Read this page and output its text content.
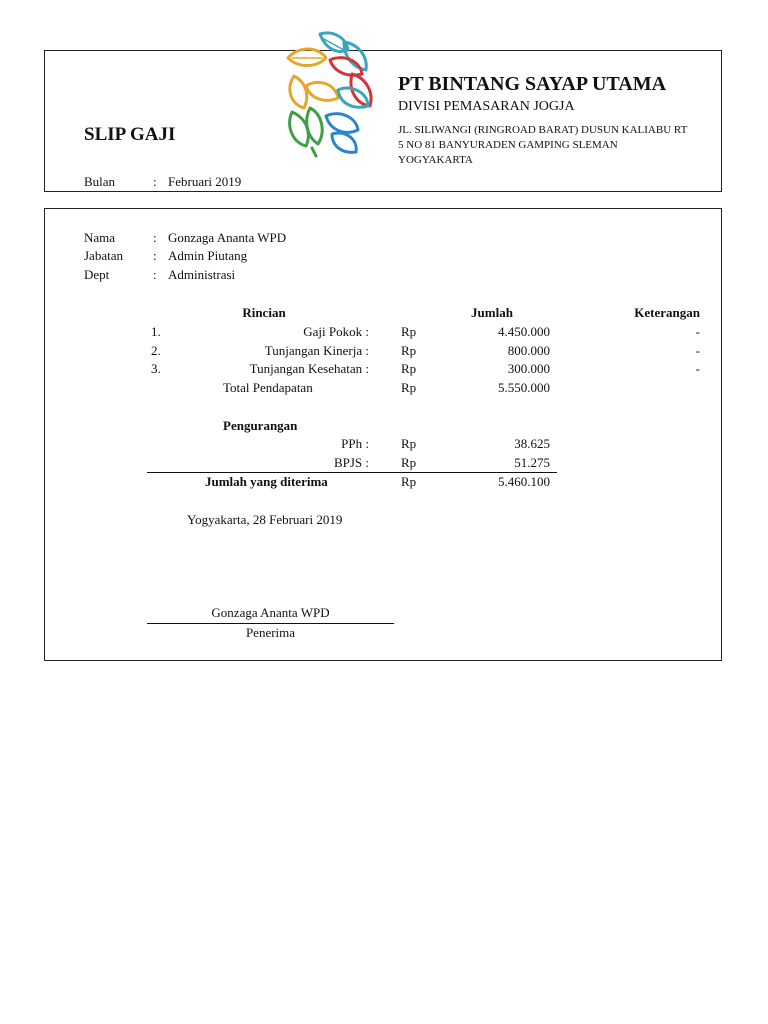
SLIP GAJI
PT BINTANG SAYAP UTAMA
DIVISI PEMASARAN JOGJA
JL. SILIWANGI (RINGROAD BARAT) DUSUN KALIABU RT
5 NO 81 BANYURADEN GAMPING SLEMAN
YOGYAKARTA
Bulan	: Februari 2019
Nama	: Gonzaga Ananta WPD
Jabatan : Admin Piutang
Dept	: Administrasi
Rincian	Jumlah	Keterangan
1.	Gaji Pokok : Rp	4.450.000	-
2.	Tunjangan Kinerja : Rp	800.000	-
3.	Tunjangan Kesehatan : Rp	300.000	-
Total Pendapatan	Rp	5.550.000
Pengurangan
PPh : Rp	38.625
BPJS : Rp	51.275
Jumlah yang diterima	Rp	5.460.100
Yogyakarta, 28 Februari 2019
Gonzaga Ananta WPD
Penerima
